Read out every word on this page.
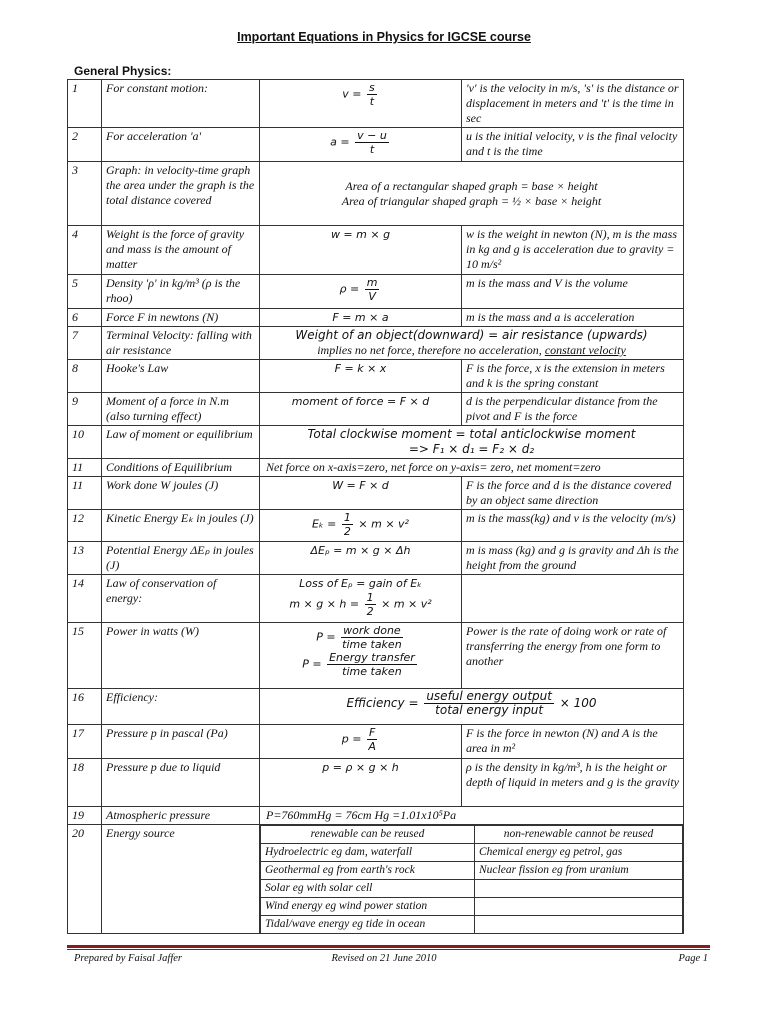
Important Equations in Physics for IGCSE course
General Physics:
1	For constant motion:	$v = \frac{s}{t}$	'v' is the velocity in m/s, 's' is the distance or displacement in meters and 't' is the time in sec
2	For acceleration 'a'	$a = \frac{v - u}{t}$	u is the initial velocity, v is the final velocity and t is the time
3	Graph: in velocity-time graph the area under the graph is the total distance covered	
Area of a rectangular shaped graph = base × height
Area of triangular shaped graph = ½ × base × height

4	Weight is the force of gravity and mass is the amount of matter	w = m × g	w is the weight in newton (N), m is the mass in kg and g is acceleration due to gravity = 10 m/s²
5	Density 'ρ' in kg/m³ (ρ is the rhoo)	$\rho = \frac{m}{V}$	m is the mass and V is the volume
6	Force F in newtons (N)	F = m × a	m is the mass and a is acceleration
7	Terminal Velocity: falling with air resistance	
Weight of an object(downward) = air resistance (upwards)
implies no net force, therefore no acceleration, constant velocity

8	Hooke's Law	F = k × x	F is the force, x is the extension in meters and k is the spring constant
9	Moment of a force in N.m (also turning effect)	moment of force = F × d	d is the perpendicular distance from the pivot and F is the force
10	Law of moment or equilibrium	Total clockwise moment = total anticlockwise moment
=> F₁ × d₁ = F₂ × d₂

11	Conditions of Equilibrium	Net force on x-axis=zero, net force on y-axis= zero, net moment=zero
11	Work done W joules (J)	W = F × d	F is the force and d is the distance covered by an object same direction
12	Kinetic Energy Eₖ in joules (J)	$E_k = \frac{1}{2} \times m \times v^2$	m is the mass(kg) and v is the velocity (m/s)
13	Potential Energy ΔEₚ in joules (J)	ΔEₚ = m × g × Δh	m is mass (kg) and g is gravity and Δh is the height from the ground
14	Law of conservation of energy:	
Loss of Eₚ = gain of Eₖ
$m \times g \times h = \frac{1}{2} \times m \times v^2$

15	Power in watts (W)	$P = \frac{\text{work done}}{\text{time taken}}$
$P = \frac{\text{Energy transfer}}{\text{time taken}}$
	Power is the rate of doing work or rate of transferring the energy from one form to another
16	Efficiency:	Efficiency = $\frac{\text{useful energy output}}{\text{total energy input}} \times 100$
17	Pressure p in pascal (Pa)	$p = \frac{F}{A}$	F is the force in newton (N) and A is the area in m²
18	Pressure p due to liquid	p = ρ × g × h	ρ is the density in kg/m³, h is the height or depth of liquid in meters and g is the gravity
19	Atmospheric pressure	P=760mmHg = 76cm Hg =1.01x10⁵Pa
20	Energy source		renewable can be reused	non-renewable cannot be reused
Hydroelectric eg dam, waterfall	Chemical energy eg petrol, gas
Geothermal eg from earth's rock	Nuclear fission eg from uranium
Solar eg with solar cell	
Wind energy eg wind power station	
Tidal/wave energy eg tide in ocean	
Prepared by Faisal Jaffer	Revised on 21 June 2010	Page 1
